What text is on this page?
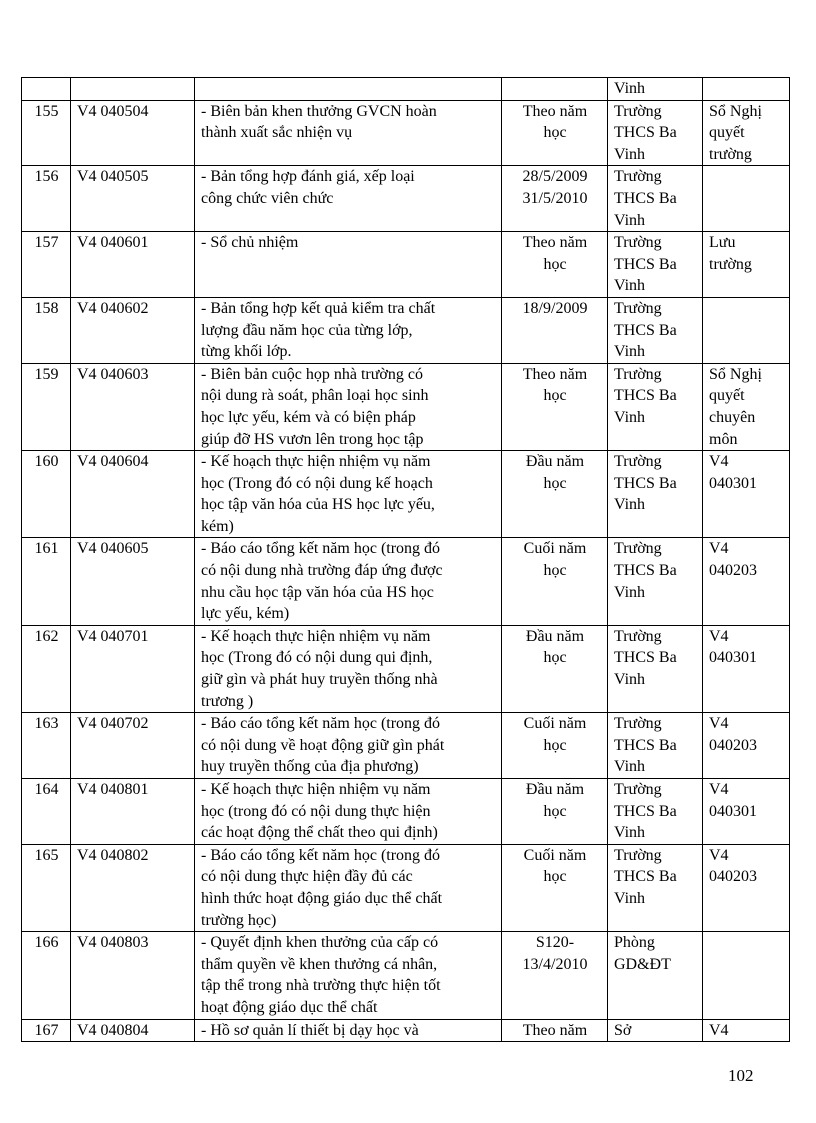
				Vinh	

155	V4 040504	- Biên bản khen thưởng GVCN hoàn
thành xuất sắc nhiện vụ	Theo năm
học	Trường
THCS Ba
Vinh	Sổ Nghị
quyết
trường

156	V4 040505	- Bản tổng hợp đánh giá, xếp loại
công chức viên chức	28/5/2009
31/5/2010	Trường
THCS Ba
Vinh	

157	V4 040601	- Sổ chủ nhiệm	Theo năm
học	Trường
THCS Ba
Vinh	Lưu
trường

158	V4 040602	- Bản tổng hợp kết quả kiểm tra chất
lượng đầu năm học của từng lớp,
từng khối lớp.	18/9/2009	Trường
THCS Ba
Vinh	

159	V4 040603	- Biên bản cuộc họp nhà trường có
nội dung rà soát, phân loại học sinh
học lực yếu, kém và có biện pháp
giúp đỡ HS vươn lên trong học tập	Theo năm
học	Trường
THCS Ba
Vinh	Sổ Nghị
quyết
chuyên
môn

160	V4 040604	- Kế hoạch thực hiện nhiệm vụ năm
học (Trong đó có nội dung kế hoạch
học tập văn hóa của HS học lực yếu,
kém)	Đầu năm
học	Trường
THCS Ba
Vinh	V4
040301

161	V4 040605	- Báo cáo tổng kết năm học (trong đó
có nội dung nhà trường đáp ứng được
nhu cầu học tập văn hóa của HS học
lực yếu, kém)	Cuối năm
học	Trường
THCS Ba
Vinh	V4
040203

162	V4 040701	- Kế hoạch thực hiện nhiệm vụ năm
học (Trong đó có nội dung qui định,
giữ gìn và phát huy truyền thống nhà
trương )	Đầu năm
học	Trường
THCS Ba
Vinh	V4
040301

163	V4 040702	- Báo cáo tổng kết năm học (trong đó
có nội dung về hoạt động giữ gìn phát
huy truyền thống của địa phương)	Cuối năm
học	Trường
THCS Ba
Vinh	V4
040203

164	V4 040801	- Kế hoạch thực hiện nhiệm vụ năm
học (trong đó có nội dung thực hiện
các hoạt động thể chất theo qui định)	Đầu năm
học	Trường
THCS Ba
Vinh	V4
040301

165	V4 040802	- Báo cáo tổng kết năm học (trong đó
có nội dung thực hiện đầy đủ các
hình thức hoạt động giáo dục thể chất
trường học)	Cuối năm
học	Trường
THCS Ba
Vinh	V4
040203

166	V4 040803	- Quyết định khen thưởng của cấp có
thẩm quyền về khen thưởng cá nhân,
tập thể trong nhà trường thực hiện tốt
hoạt động giáo dục thể chất	S120-
13/4/2010	Phòng
GD&ĐT	

167	V4 040804	- Hồ sơ quản lí thiết bị dạy học và	Theo năm	Sở	V4
102
